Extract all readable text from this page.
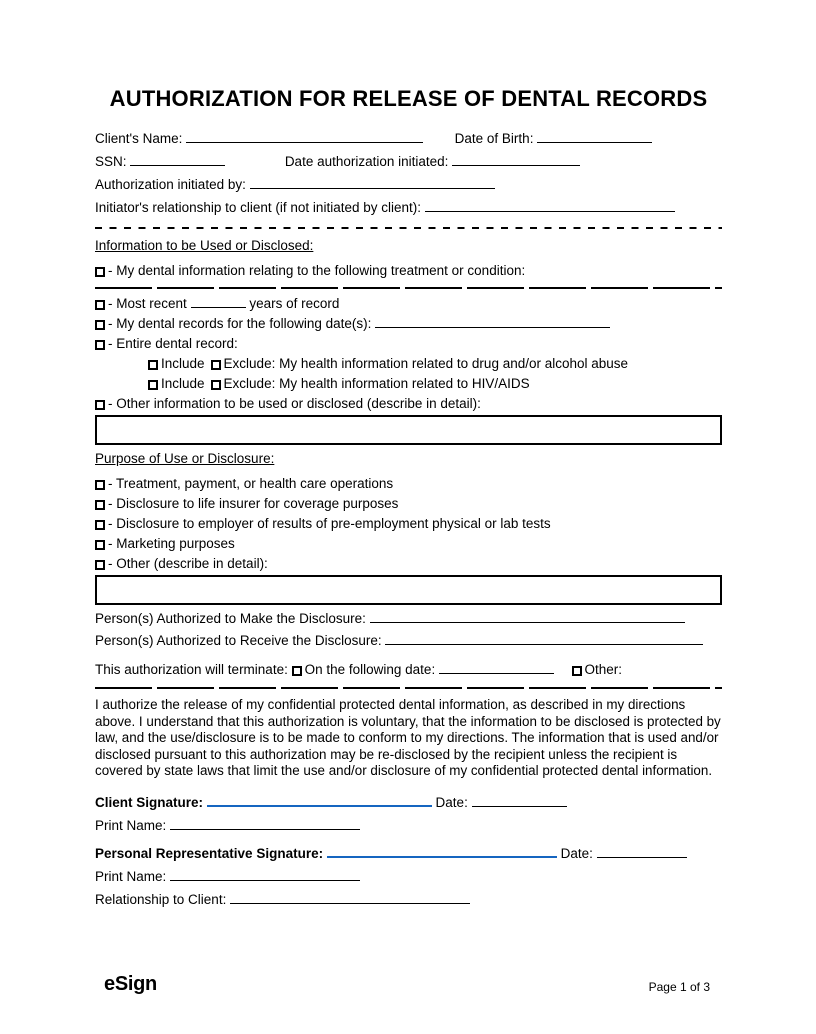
AUTHORIZATION FOR RELEASE OF DENTAL RECORDS
Client's Name:	Date of Birth:
SSN:	Date authorization initiated:
Authorization initiated by:
Initiator's relationship to client (if not initiated by client):
Information to be Used or Disclosed:
- My dental information relating to the following treatment or condition:
- Most recent	years of record
- My dental records for the following date(s):
- Entire dental record:
Include Exclude: My health information related to drug and/or alcohol abuse
Include Exclude: My health information related to HIV/AIDS
- Other information to be used or disclosed (describe in detail):
Purpose of Use or Disclosure:
- Treatment, payment, or health care operations
- Disclosure to life insurer for coverage purposes
- Disclosure to employer of results of pre-employment physical or lab tests
- Marketing purposes
- Other (describe in detail):
Person(s) Authorized to Make the Disclosure:
Person(s) Authorized to Receive the Disclosure:
This authorization will terminate: On the following date:	Other:
I authorize the release of my confidential protected dental information, as described in my directions above. I understand that this authorization is voluntary, that the information to be disclosed is protected by law, and the use/disclosure is to be made to conform to my directions. The information that is used and/or disclosed pursuant to this authorization may be re-disclosed by the recipient unless the recipient is covered by state laws that limit the use and/or disclosure of my confidential protected dental information.
Client Signature:	Date:
Print Name:
Personal Representative Signature:	Date:
Print Name:
Relationship to Client:
eSign	Page 1 of 3
